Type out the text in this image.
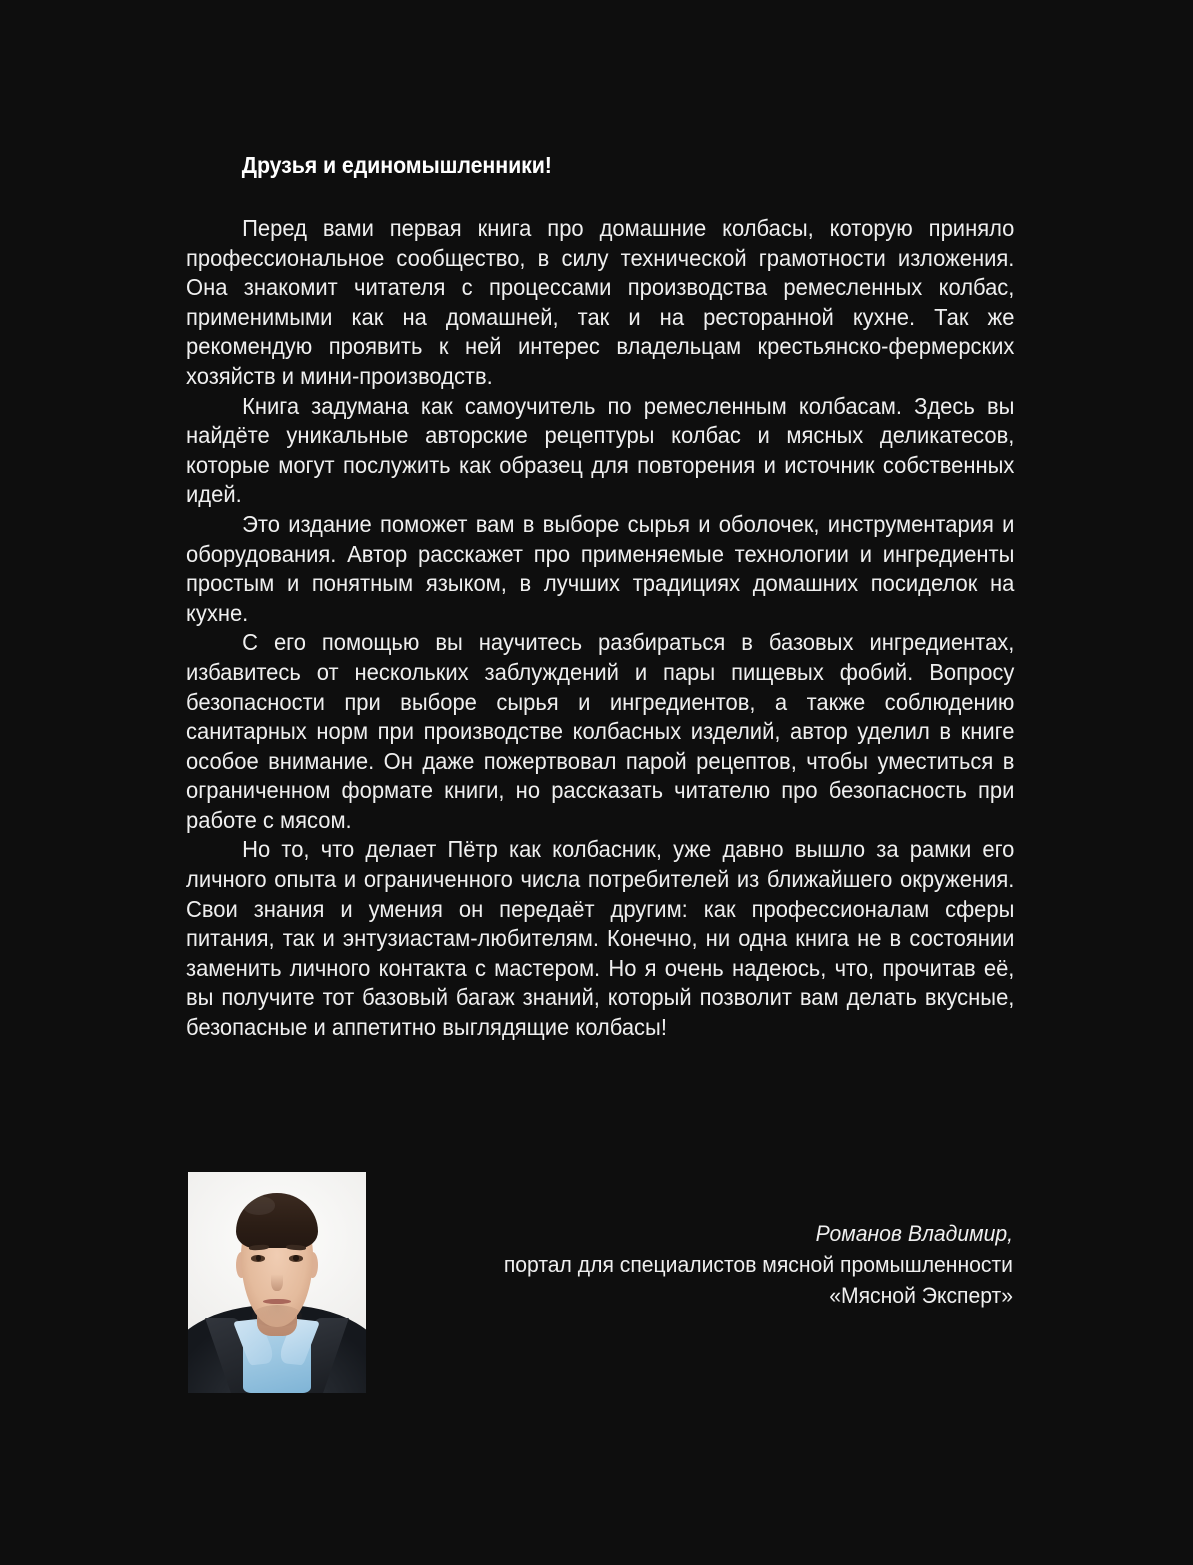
Друзья и единомышленники!

Перед вами первая книга про домашние колбасы, которую приняло профессиональное сообщество, в силу технической грамотности изложения. Она знакомит читателя с процессами производства ремесленных колбас, применимыми как на домашней, так и на ресторанной кухне. Так же рекомендую проявить к ней интерес владельцам крестьянско-фермерских хозяйств и мини-производств.

Книга задумана как самоучитель по ремесленным колбасам. Здесь вы найдёте уникальные авторские рецептуры колбас и мясных деликатесов, которые могут послужить как образец для повторения и источник собственных идей.

Это издание поможет вам в выборе сырья и оболочек, инструментария и оборудования. Автор расскажет про применяемые технологии и ингредиенты простым и понятным языком, в лучших традициях домашних посиделок на кухне.

С его помощью вы научитесь разбираться в базовых ингредиентах, избавитесь от нескольких заблуждений и пары пищевых фобий. Вопросу безопасности при выборе сырья и ингредиентов, а также соблюдению санитарных норм при производстве колбасных изделий, автор уделил в книге особое внимание. Он даже пожертвовал парой рецептов, чтобы уместиться в ограниченном формате книги, но рассказать читателю про безопасность при работе с мясом.

Но то, что делает Пётр как колбасник, уже давно вышло за рамки его личного опыта и ограниченного числа потребителей из ближайшего окружения. Свои знания и умения он передаёт другим: как профессионалам сферы питания, так и энтузиастам-любителям. Конечно, ни одна книга не в состоянии заменить личного контакта с мастером. Но я очень надеюсь, что, прочитав её, вы получите тот базовый багаж знаний, который позволит вам делать вкусные, безопасные и аппетитно выглядящие колбасы!

Романов Владимир,
портал для специалистов мясной промышленности
«Мясной Эксперт»
